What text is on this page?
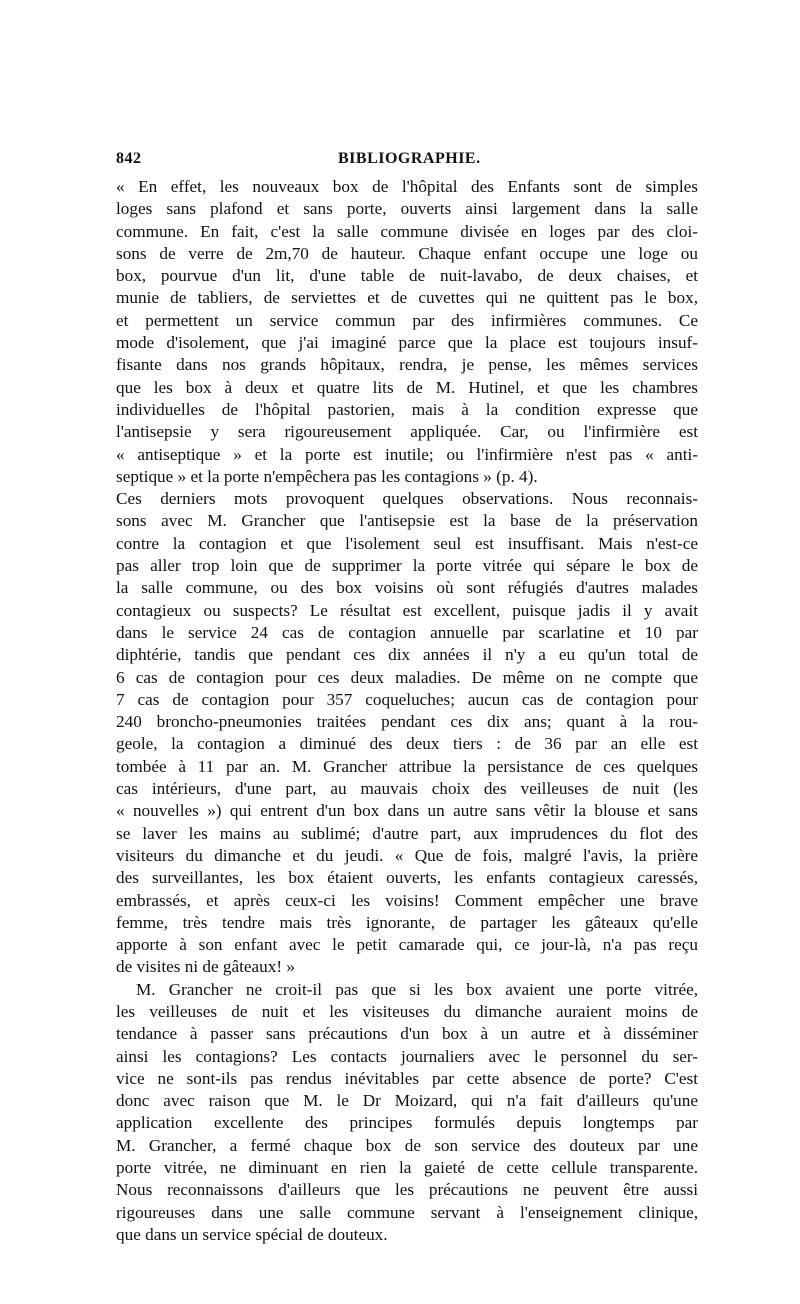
842	BIBLIOGRAPHIE.
« En effet, les nouveaux box de l'hôpital des Enfants sont de simples
loges sans plafond et sans porte, ouverts ainsi largement dans la salle
commune. En fait, c'est la salle commune divisée en loges par des cloi-
sons de verre de 2m,70 de hauteur. Chaque enfant occupe une loge ou
box, pourvue d'un lit, d'une table de nuit-lavabo, de deux chaises, et
munie de tabliers, de serviettes et de cuvettes qui ne quittent pas le box,
et permettent un service commun par des infirmières communes. Ce
mode d'isolement, que j'ai imaginé parce que la place est toujours insuf-
fisante dans nos grands hôpitaux, rendra, je pense, les mêmes services
que les box à deux et quatre lits de M. Hutinel, et que les chambres
individuelles de l'hôpital pastorien, mais à la condition expresse que
l'antisepsie y sera rigoureusement appliquée. Car, ou l'infirmière est
« antiseptique » et la porte est inutile; ou l'infirmière n'est pas « anti-
septique » et la porte n'empêchera pas les contagions » (p. 4).
Ces derniers mots provoquent quelques observations. Nous reconnais-
sons avec M. Grancher que l'antisepsie est la base de la préservation
contre la contagion et que l'isolement seul est insuffisant. Mais n'est-ce
pas aller trop loin que de supprimer la porte vitrée qui sépare le box de
la salle commune, ou des box voisins où sont réfugiés d'autres malades
contagieux ou suspects? Le résultat est excellent, puisque jadis il y avait
dans le service 24 cas de contagion annuelle par scarlatine et 10 par
diphtérie, tandis que pendant ces dix années il n'y a eu qu'un total de
6 cas de contagion pour ces deux maladies. De même on ne compte que
7 cas de contagion pour 357 coqueluches; aucun cas de contagion pour
240 broncho-pneumonies traitées pendant ces dix ans; quant à la rou-
geole, la contagion a diminué des deux tiers : de 36 par an elle est
tombée à 11 par an. M. Grancher attribue la persistance de ces quelques
cas intérieurs, d'une part, au mauvais choix des veilleuses de nuit (les
« nouvelles ») qui entrent d'un box dans un autre sans vêtir la blouse et sans
se laver les mains au sublimé; d'autre part, aux imprudences du flot des
visiteurs du dimanche et du jeudi. « Que de fois, malgré l'avis, la prière
des surveillantes, les box étaient ouverts, les enfants contagieux caressés,
embrassés, et après ceux-ci les voisins! Comment empêcher une brave
femme, très tendre mais très ignorante, de partager les gâteaux qu'elle
apporte à son enfant avec le petit camarade qui, ce jour-là, n'a pas reçu
de visites ni de gâteaux! »
M. Grancher ne croit-il pas que si les box avaient une porte vitrée,
les veilleuses de nuit et les visiteuses du dimanche auraient moins de
tendance à passer sans précautions d'un box à un autre et à disséminer
ainsi les contagions? Les contacts journaliers avec le personnel du ser-
vice ne sont-ils pas rendus inévitables par cette absence de porte? C'est
donc avec raison que M. le Dr Moizard, qui n'a fait d'ailleurs qu'une
application excellente des principes formulés depuis longtemps par
M. Grancher, a fermé chaque box de son service des douteux par une
porte vitrée, ne diminuant en rien la gaieté de cette cellule transparente.
Nous reconnaissons d'ailleurs que les précautions ne peuvent être aussi
rigoureuses dans une salle commune servant à l'enseignement clinique,
que dans un service spécial de douteux.
